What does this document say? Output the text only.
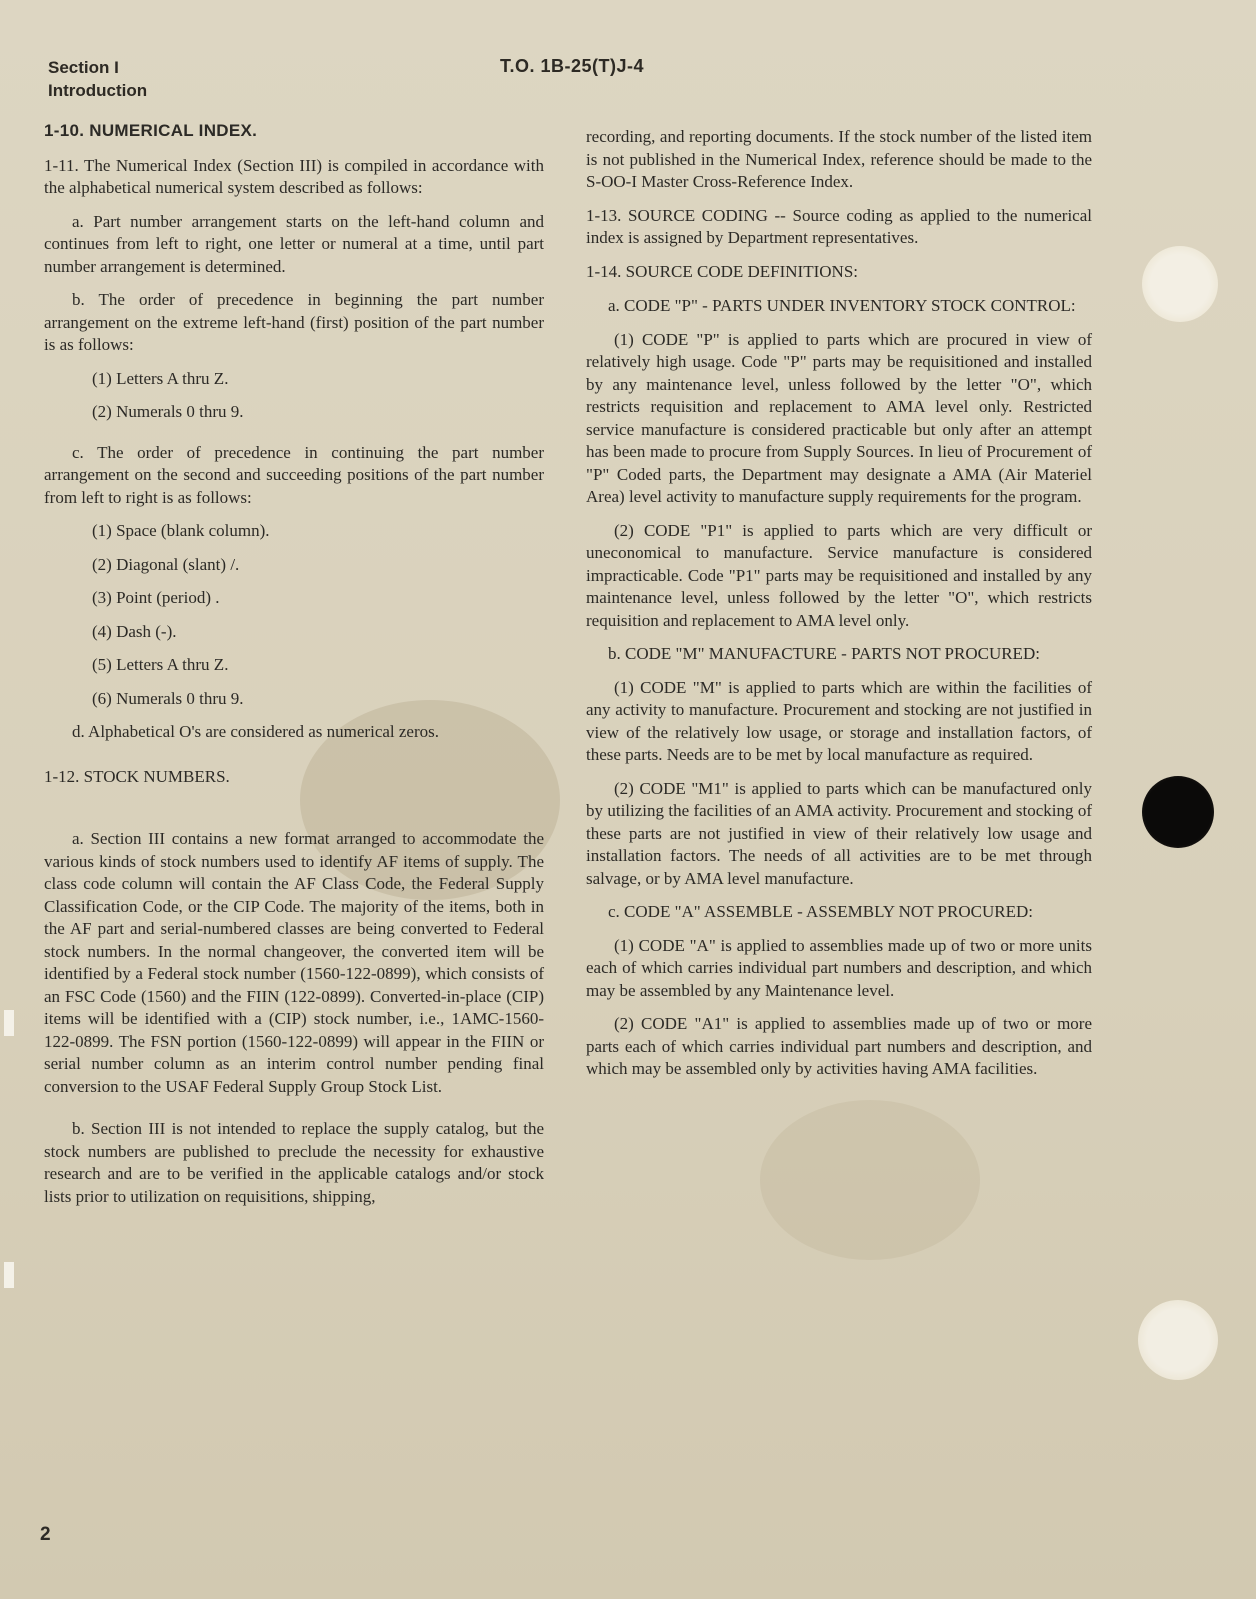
Section I
Introduction
T.O. 1B-25(T)J-4

1-10. NUMERICAL INDEX.

1-11. The Numerical Index (Section III) is compiled in accordance with the alphabetical numerical system described as follows:

a. Part number arrangement starts on the left-hand column and continues from left to right, one letter or numeral at a time, until part number arrangement is determined.

b. The order of precedence in beginning the part number arrangement on the extreme left-hand (first) position of the part number is as follows:

(1) Letters A thru Z.

(2) Numerals 0 thru 9.

c. The order of precedence in continuing the part number arrangement on the second and succeeding positions of the part number from left to right is as follows:

(1) Space (blank column).

(2) Diagonal (slant) /.

(3) Point (period) .

(4) Dash (-).

(5) Letters A thru Z.

(6) Numerals 0 thru 9.

d. Alphabetical O's are considered as numerical zeros.

1-12. STOCK NUMBERS.

a. Section III contains a new format arranged to accommodate the various kinds of stock numbers used to identify AF items of supply. The class code column will contain the AF Class Code, the Federal Supply Classification Code, or the CIP Code. The majority of the items, both in the AF part and serial-numbered classes are being converted to Federal stock numbers. In the normal changeover, the converted item will be identified by a Federal stock number (1560-122-0899), which consists of an FSC Code (1560) and the FIIN (122-0899). Converted-in-place (CIP) items will be identified with a (CIP) stock number, i.e., 1AMC-1560-122-0899. The FSN portion (1560-122-0899) will appear in the FIIN or serial number column as an interim control number pending final conversion to the USAF Federal Supply Group Stock List.

b. Section III is not intended to replace the supply catalog, but the stock numbers are published to preclude the necessity for exhaustive research and are to be verified in the applicable catalogs and/or stock lists prior to utilization on requisitions, shipping,

recording, and reporting documents. If the stock number of the listed item is not published in the Numerical Index, reference should be made to the S-OO-I Master Cross-Reference Index.

1-13. SOURCE CODING -- Source coding as applied to the numerical index is assigned by Department representatives.

1-14. SOURCE CODE DEFINITIONS:

a. CODE "P" - PARTS UNDER INVENTORY STOCK CONTROL:

(1) CODE "P" is applied to parts which are procured in view of relatively high usage. Code "P" parts may be requisitioned and installed by any maintenance level, unless followed by the letter "O", which restricts requisition and replacement to AMA level only. Restricted service manufacture is considered practicable but only after an attempt has been made to procure from Supply Sources. In lieu of Procurement of "P" Coded parts, the Department may designate a AMA (Air Materiel Area) level activity to manufacture supply requirements for the program.

(2) CODE "P1" is applied to parts which are very difficult or uneconomical to manufacture. Service manufacture is considered impracticable. Code "P1" parts may be requisitioned and installed by any maintenance level, unless followed by the letter "O", which restricts requisition and replacement to AMA level only.

b. CODE "M" MANUFACTURE - PARTS NOT PROCURED:

(1) CODE "M" is applied to parts which are within the facilities of any activity to manufacture. Procurement and stocking are not justified in view of the relatively low usage, or storage and installation factors, of these parts. Needs are to be met by local manufacture as required.

(2) CODE "M1" is applied to parts which can be manufactured only by utilizing the facilities of an AMA activity. Procurement and stocking of these parts are not justified in view of their relatively low usage and installation factors. The needs of all activities are to be met through salvage, or by AMA level manufacture.

c. CODE "A" ASSEMBLE - ASSEMBLY NOT PROCURED:

(1) CODE "A" is applied to assemblies made up of two or more units each of which carries individual part numbers and description, and which may be assembled by any Maintenance level.

(2) CODE "A1" is applied to assemblies made up of two or more parts each of which carries individual part numbers and description, and which may be assembled only by activities having AMA facilities.

2
